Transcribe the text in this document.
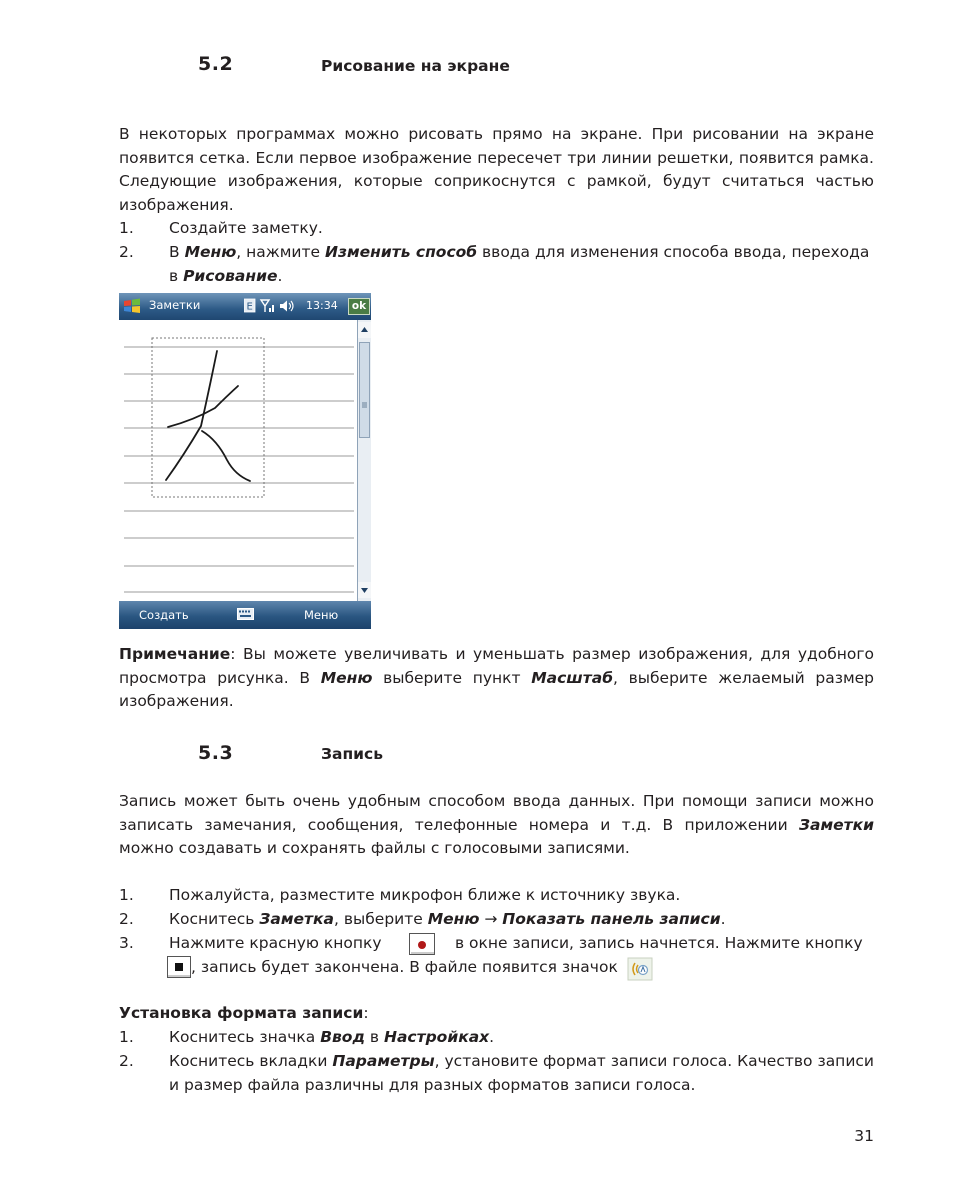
5.2	Рисование на экране
В некоторых программах можно рисовать прямо на экране. При рисовании на экране появится сетка. Если первое изображение пересечет три линии решетки, появится рамка. Следующие изображения, которые соприкоснутся с рамкой, будут считаться частью изображения.
1. Создайте заметку.
2. В Меню, нажмите Изменить способ ввода для изменения способа ввода, перехода
в Рисование.
Заметки	E	13:34	ok
Создать	Меню
Примечание: Вы можете увеличивать и уменьшать размер изображения, для удобного просмотра рисунка. В Меню выберите пункт Масштаб, выберите желаемый размер изображения.
5.3	Запись
Запись может быть очень удобным способом ввода данных. При помощи записи можно записать замечания, сообщения, телефонные номера и т.д. В приложении Заметки можно создавать и сохранять файлы с голосовыми записями.
1. Пожалуйста, разместите микрофон ближе к источнику звука.
2. Коснитесь Заметка, выберите Меню → Показать панель записи.
3. Нажмите красную кнопку	в окне записи, запись начнется. Нажмите кнопку
, запись будет закончена. В файле появится значок
Установка формата записи:
1. Коснитесь значка Ввод в Настройках.
2. Коснитесь вкладки Параметры, установите формат записи голоса. Качество записи и размер файла различны для разных форматов записи голоса.
31
